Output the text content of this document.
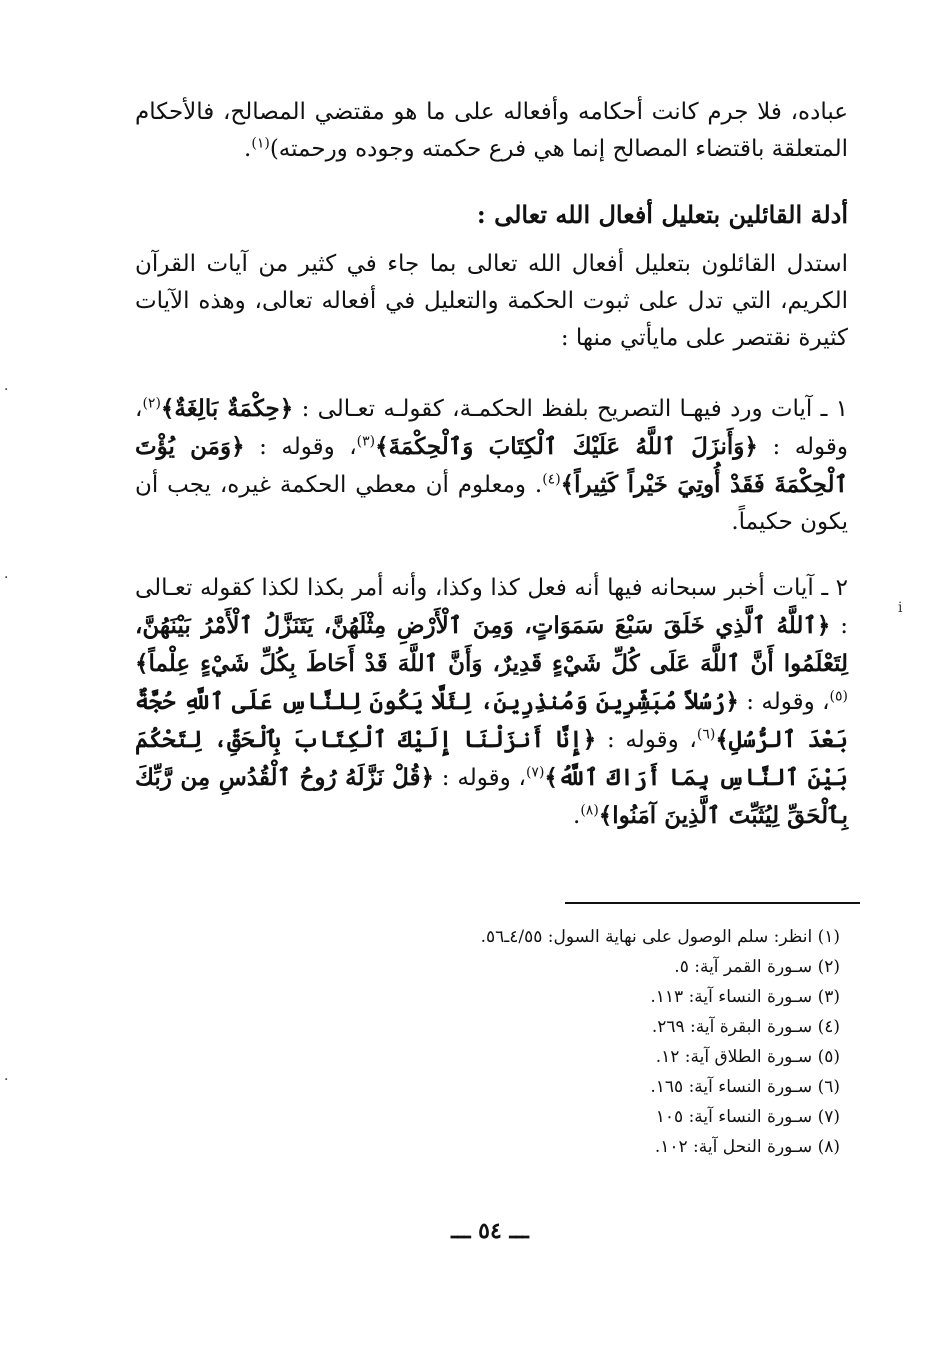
عباده، فلا جرم كانت أحكامه وأفعاله على ما هو مقتضي المصالح، فالأحكام المتعلقة باقتضاء المصالح إنما هي فرع حكمته وجوده ورحمته)$^{(١)}$.

أدلة القائلين بتعليل أفعال الله تعالى :

استدل القائلون بتعليل أفعال الله تعالى بما جاء في كثير من آيات القرآن الكريم، التي تدل على ثبوت الحكمة والتعليل في أفعاله تعالى، وهذه الآيات كثيرة نقتصر على مايأتي منها :

١ ـ آيات ورد فيهـا التصريح بلفظ الحكمـة، كقولـه تعـالى : ﴿حِكْمَةٌ بَالِغَةٌ﴾$^{(٢)}$، وقوله : ﴿وَأَنزَلَ ٱللَّهُ عَلَيْكَ ٱلْكِتَابَ وَٱلْحِكْمَةَ﴾$^{(٣)}$، وقوله : ﴿وَمَن يُؤْتَ ٱلْحِكْمَةَ فَقَدْ أُوتِيَ خَيْراً كَثِيراً﴾$^{(٤)}$. ومعلوم أن معطي الحكمة غيره، يجب أن يكون حكيماً.

٢ ـ آيات أخبر سبحانه فيها أنه فعل كذا وكذا، وأنه أمر بكذا لكذا كقوله تعـالى : ﴿ٱللَّهُ ٱلَّذِي خَلَقَ سَبْعَ سَمَوَاتٍ، وَمِنَ ٱلْأَرْضِ مِثْلَهُنَّ، يَتَنَزَّلُ ٱلْأَمْرُ بَيْنَهُنَّ، لِتَعْلَمُوا أَنَّ ٱللَّهَ عَلَى كُلِّ شَيْءٍ قَدِيرٌ، وَأَنَّ ٱللَّهَ قَدْ أَحَاطَ بِكُلِّ شَيْءٍ عِلْماً﴾$^{(٥)}$، وقوله : ﴿رُسُلاً مُبَشِّرِينَ وَمُنذِرِينَ، لِئَلَّا يَكُونَ لِلنَّاسِ عَلَى ٱللَّهِ حُجَّةٌ بَعْدَ ٱلرُّسُلِ﴾$^{(٦)}$، وقوله : ﴿إِنَّا أَنزَلْنَا إِلَيْكَ ٱلْكِتَابَ بِٱلْحَقِّ، لِتَحْكُمَ بَيْنَ ٱلنَّاسِ بِمَا أَرَاكَ ٱللَّهُ﴾$^{(٧)}$، وقوله : ﴿قُلْ نَزَّلَهُ رُوحُ ٱلْقُدُسِ مِن رَّبِّكَ بِٱلْحَقِّ لِيُثَبِّتَ ٱلَّذِينَ آمَنُوا﴾$^{(٨)}$.

(١) انظر: سلم الوصول على نهاية السول: ٤/٥٥ـ٥٦.

(٢) سـورة القمر آية: ٥.

(٣) سـورة النساء آية: ١١٣.

(٤) سـورة البقرة آية: ٢٦٩.

(٥) سـورة الطلاق آية: ١٢.

(٦) سـورة النساء آية: ١٦٥.

(٧) سـورة النساء آية: ١٠٥

(٨) سـورة النحل آية: ١٠٢.

ـــ ٥٤ ـــ
·
·
·
ⅰ
